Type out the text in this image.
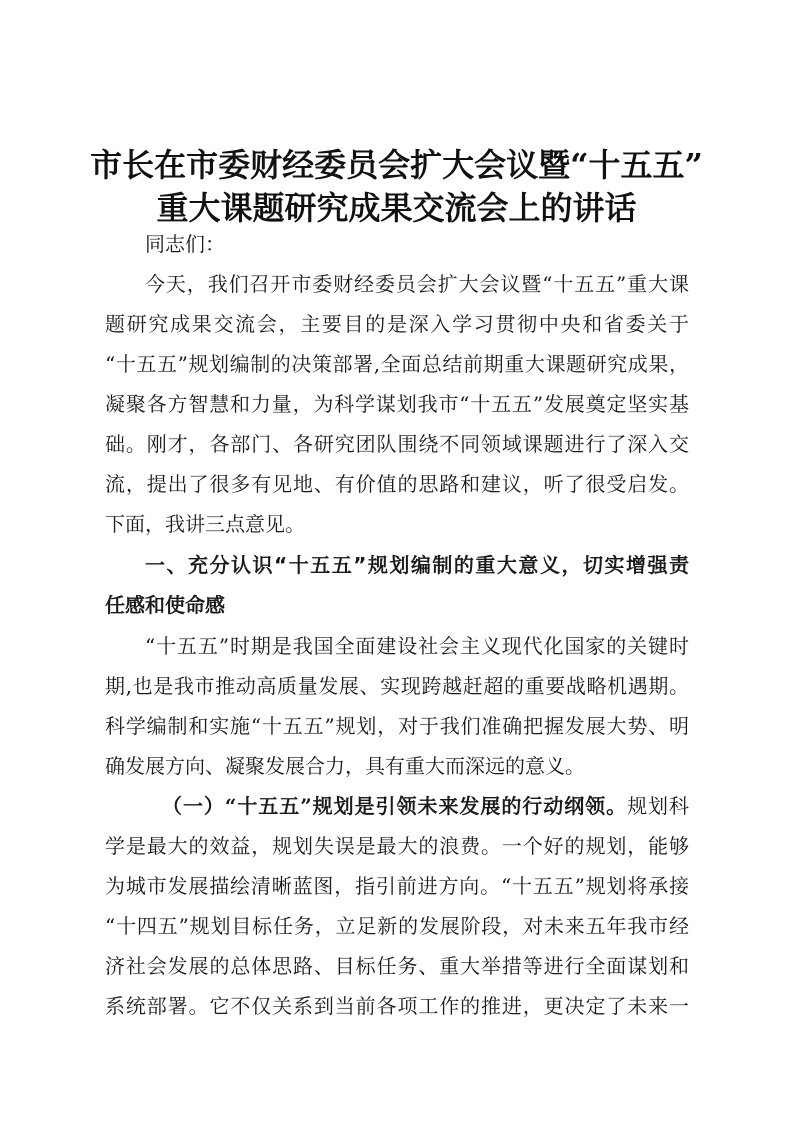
市长在市委财经委员会扩大会议暨“十五五”
重大课题研究成果交流会上的讲话

同志们：

今天，我们召开市委财经委员会扩大会议暨“十五五”重大课

题研究成果交流会，主要目的是深入学习贯彻中央和省委关于

“十五五”规划编制的决策部署,全面总结前期重大课题研究成果，

凝聚各方智慧和力量，为科学谋划我市“十五五”发展奠定坚实基

础。刚才，各部门、各研究团队围绕不同领域课题进行了深入交

流，提出了很多有见地、有价值的思路和建议，听了很受启发。

下面，我讲三点意见。

一、充分认识“十五五”规划编制的重大意义，切实增强责

任感和使命感

“十五五”时期是我国全面建设社会主义现代化国家的关键时

期,也是我市推动高质量发展、实现跨越赶超的重要战略机遇期。

科学编制和实施“十五五”规划，对于我们准确把握发展大势、明

确发展方向、凝聚发展合力，具有重大而深远的意义。

（一）“十五五”规划是引领未来发展的行动纲领。规划科

学是最大的效益，规划失误是最大的浪费。一个好的规划，能够

为城市发展描绘清晰蓝图，指引前进方向。“十五五”规划将承接

“十四五”规划目标任务，立足新的发展阶段，对未来五年我市经

济社会发展的总体思路、目标任务、重大举措等进行全面谋划和

系统部署。它不仅关系到当前各项工作的推进，更决定了未来一
